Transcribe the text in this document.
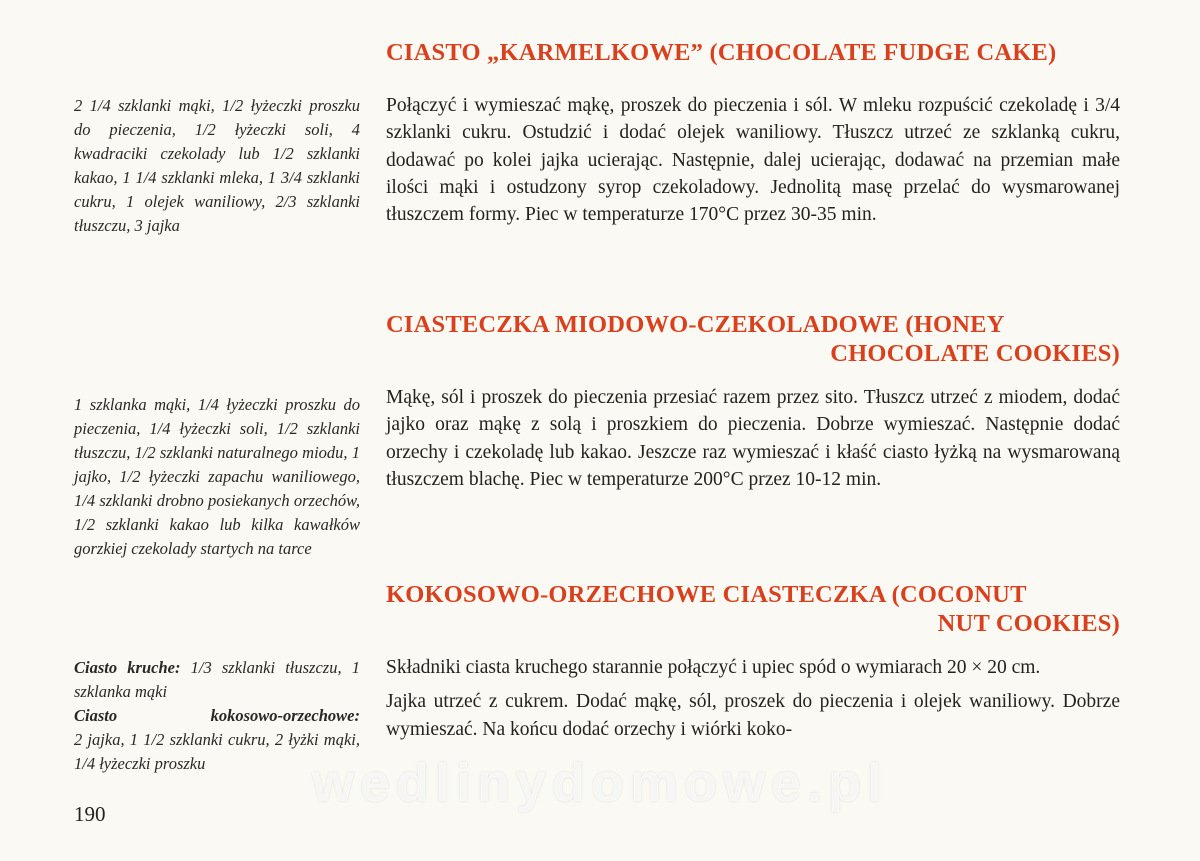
CIASTO „KARMELKOWE” (CHOCOLATE FUDGE CAKE)

2 1/4 szklanki mąki, 1/2 łyżeczki proszku do pieczenia, 1/2 łyżeczki soli, 4 kwadraciki czekolady lub 1/2 szklanki kakao, 1 1/4 szklanki mleka, 1 3/4 szklanki cukru, 1 olejek waniliowy, 2/3 szklanki tłuszczu, 3 jajka

Połączyć i wymieszać mąkę, proszek do pieczenia i sól. W mleku rozpuścić czekoladę i 3/4 szklanki cukru. Ostudzić i dodać olejek waniliowy. Tłuszcz utrzeć ze szklanką cukru, dodawać po kolei jajka ucierając. Następnie, dalej ucierając, dodawać na przemian małe ilości mąki i ostudzony syrop czekoladowy. Jednolitą masę przelać do wysmarowanej tłuszczem formy. Piec w temperaturze 170°C przez 30-35 min.

CIASTECZKA MIODOWO-CZEKOLADOWE (HONEY
CHOCOLATE COOKIES)

1 szklanka mąki, 1/4 łyżeczki proszku do pieczenia, 1/4 łyżeczki soli, 1/2 szklanki tłuszczu, 1/2 szklanki naturalnego miodu, 1 jajko, 1/2 łyżeczki zapachu waniliowego, 1/4 szklanki drobno posiekanych orzechów, 1/2 szklanki kakao lub kilka kawałków gorzkiej czekolady startych na tarce

Mąkę, sól i proszek do pieczenia przesiać razem przez sito. Tłuszcz utrzeć z miodem, dodać jajko oraz mąkę z solą i proszkiem do pieczenia. Dobrze wymieszać. Następnie dodać orzechy i czekoladę lub kakao. Jeszcze raz wymieszać i kłaść ciasto łyżką na wysmarowaną tłuszczem blachę. Piec w temperaturze 200°C przez 10-12 min.

KOKOSOWO-ORZECHOWE CIASTECZKA (COCONUT
NUT COOKIES)

Ciasto kruche: 1/3 szklanki tłuszczu, 1 szklanka mąki

Ciasto	kokosowo-orzechowe:

2 jajka, 1 1/2 szklanki cukru, 2 łyżki mąki, 1/4 łyżeczki proszku

Składniki ciasta kruchego starannie połączyć i upiec spód o wymiarach 20 × 20 cm.

Jajka utrzeć z cukrem. Dodać mąkę, sól, proszek do pieczenia i olejek waniliowy. Dobrze wymieszać. Na końcu dodać orzechy i wiórki koko-

190

wedlinydomowe.pl
